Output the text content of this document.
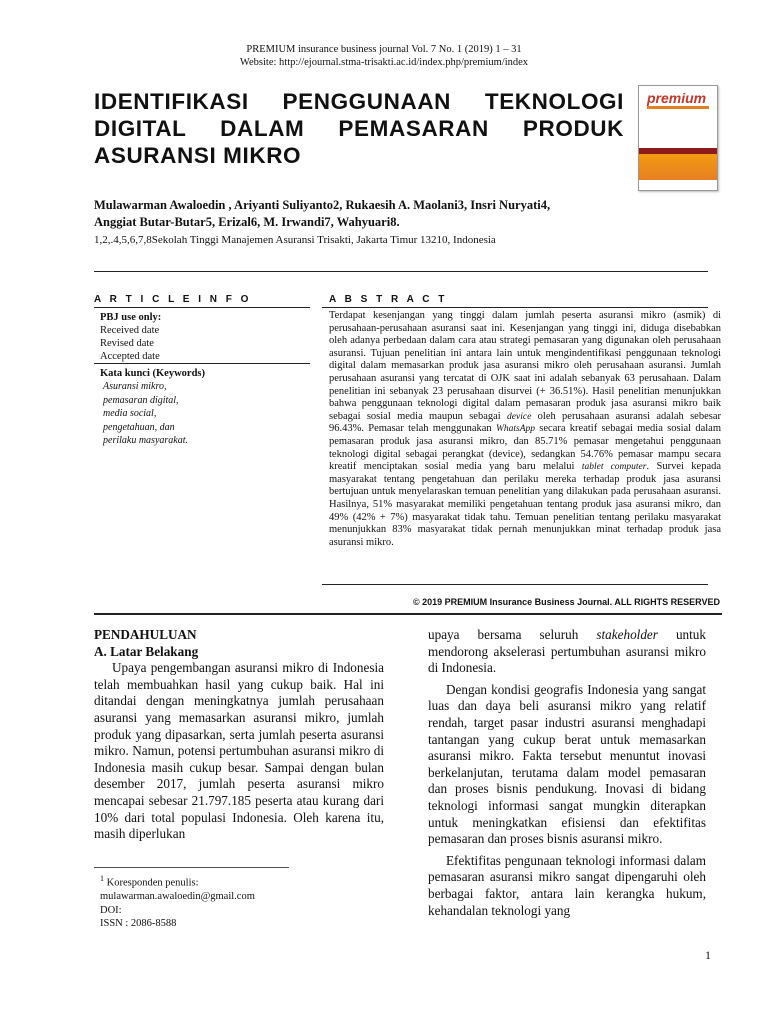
PREMIUM insurance business journal Vol. 7 No. 1 (2019) 1 – 31
Website: http://ejournal.stma-trisakti.ac.id/index.php/premium/index
IDENTIFIKASI PENGGUNAAN TEKNOLOGI
DIGITAL DALAM PEMASARAN PRODUK
ASURANSI MIKRO
premium
Mulawarman Awaloedin , Ariyanti Suliyanto2, Rukaesih A. Maolani3, Insri Nuryati4,
Anggiat Butar-Butar5, Erizal6, M. Irwandi7, Wahyuari8.
1,2,.4,5,6,7,8Sekolah Tinggi Manajemen Asuransi Trisakti, Jakarta Timur 13210, Indonesia
A R T I C L E I N F O
PBJ use only:
Received date
Revised date
Accepted date
Kata kunci (Keywords)
Asuransi mikro,
pemasaran digital,
media social,
pengetahuan, dan
perilaku masyarakat.
A B S T R A C T
Terdapat kesenjangan yang tinggi dalam jumlah peserta asuransi mikro (asmik) di perusahaan-perusahaan asuransi saat ini. Kesenjangan yang tinggi ini, diduga disebabkan oleh adanya perbedaan dalam cara atau strategi pemasaran yang digunakan oleh perusahaan asuransi. Tujuan penelitian ini antara lain untuk mengindentifikasi penggunaan teknologi digital dalam memasarkan produk jasa asuransi mikro oleh perusahaan asuransi. Jumlah perusahaan asuransi yang tercatat di OJK saat ini adalah sebanyak 63 perusahaan. Dalam penelitian ini sebanyak 23 perusahaan disurvei (+ 36.51%). Hasil penelitian menunjukkan bahwa penggunaan teknologi digital dalam pemasaran produk jasa asuransi mikro baik sebagai sosial media maupun sebagai device oleh perusahaan asuransi adalah sebesar 96.43%. Pemasar telah menggunakan WhatsApp secara kreatif sebagai media sosial dalam pemasaran produk jasa asuransi mikro, dan 85.71% pemasar mengetahui penggunaan teknologi digital sebagai perangkat (device), sedangkan 54.76% pemasar mampu secara kreatif menciptakan sosial media yang baru melalui tablet computer. Survei kepada masyarakat tentang pengetahuan dan perilaku mereka terhadap produk jasa asuransi bertujuan untuk menyelaraskan temuan penelitian yang dilakukan pada perusahaan asuransi. Hasilnya, 51% masyarakat memiliki pengetahuan tentang produk jasa asuransi mikro, dan 49% (42% + 7%) masyarakat tidak tahu. Temuan penelitian tentang perilaku masyarakat menunjukkan 83% masyarakat tidak pernah menunjukkan minat terhadap produk jasa asuransi mikro.
© 2019 PREMIUM Insurance Business Journal. ALL RIGHTS RESERVED

PENDAHULUAN

A. Latar Belakang

Upaya pengembangan asuransi mikro di Indonesia telah membuahkan hasil yang cukup baik. Hal ini ditandai dengan meningkatnya jumlah perusahaan asuransi yang memasarkan asuransi mikro, jumlah produk yang dipasarkan, serta jumlah peserta asuransi mikro. Namun, potensi pertumbuhan asuransi mikro di Indonesia masih cukup besar. Sampai dengan bulan desember 2017, jumlah peserta asuransi mikro mencapai sebesar 21.797.185 peserta atau kurang dari 10% dari total populasi Indonesia. Oleh karena itu, masih diperlukan

$^1$ Koresponden penulis:
mulawarman.awaloedin@gmail.com
DOI:
ISSN : 2086-8588

upaya bersama seluruh stakeholder untuk mendorong akselerasi pertumbuhan asuransi mikro di Indonesia.

Dengan kondisi geografis Indonesia yang sangat luas dan daya beli asuransi mikro yang relatif rendah, target pasar industri asuransi menghadapi tantangan yang cukup berat untuk memasarkan asuransi mikro. Fakta tersebut menuntut inovasi berkelanjutan, terutama dalam model pemasaran dan proses bisnis pendukung. Inovasi di bidang teknologi informasi sangat mungkin diterapkan untuk meningkatkan efisiensi dan efektifitas pemasaran dan proses bisnis asuransi mikro.

Efektifitas pengunaan teknologi informasi dalam pemasaran asuransi mikro sangat dipengaruhi oleh berbagai faktor, antara lain kerangka hukum, kehandalan teknologi yang

1
